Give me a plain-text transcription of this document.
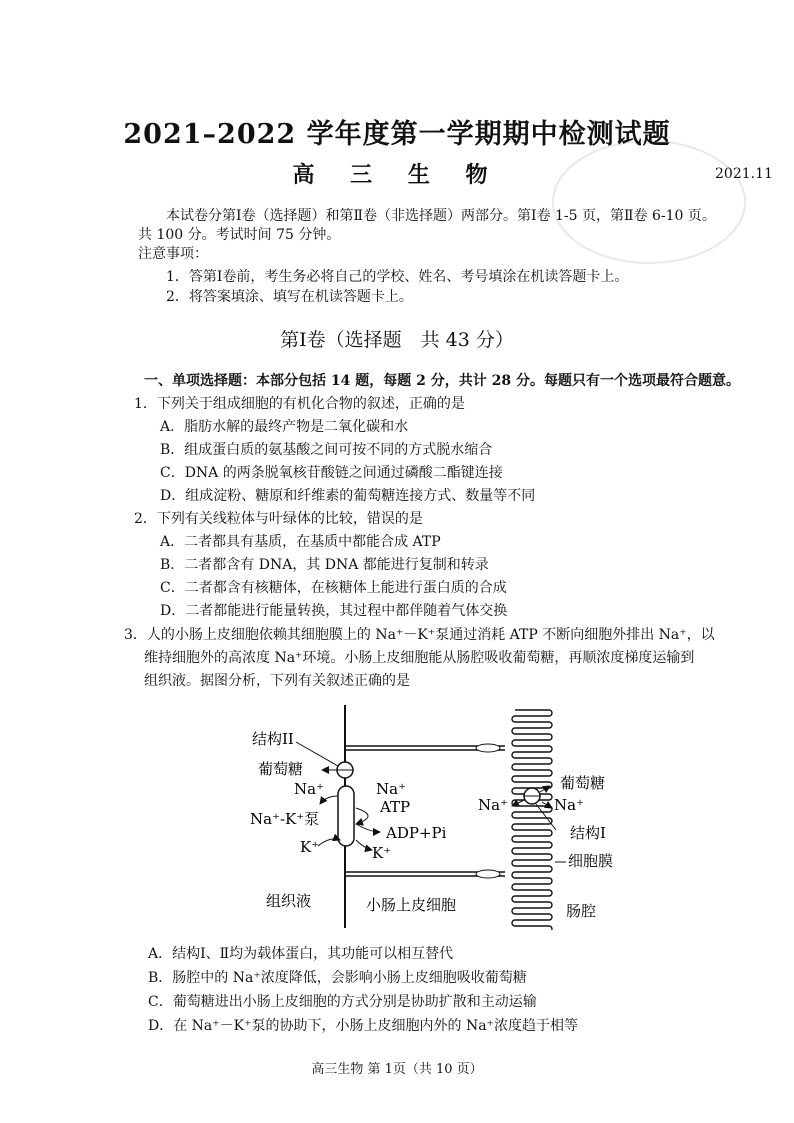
2021–2022 学年度第一学期期中检测试题
高 三 生 物	2021.11
本试卷分第Ⅰ卷（选择题）和第Ⅱ卷（非选择题）两部分。第Ⅰ卷 1-5 页，第Ⅱ卷 6-10 页。
共 100 分。考试时间 75 分钟。
注意事项：
1．答第Ⅰ卷前，考生务必将自己的学校、姓名、考号填涂在机读答题卡上。
2．将答案填涂、填写在机读答题卡上。
第Ⅰ卷（选择题　共 43 分）
一、单项选择题：本部分包括 14 题，每题 2 分，共计 28 分。每题只有一个选项最符合题意。
1．下列关于组成细胞的有机化合物的叙述，正确的是
A．脂肪水解的最终产物是二氧化碳和水
B．组成蛋白质的氨基酸之间可按不同的方式脱水缩合
C．DNA 的两条脱氧核苷酸链之间通过磷酸二酯键连接
D．组成淀粉、糖原和纤维素的葡萄糖连接方式、数量等不同
2．下列有关线粒体与叶绿体的比较，错误的是
A．二者都具有基质，在基质中都能合成 ATP
B．二者都含有 DNA，其 DNA 都能进行复制和转录
C．二者都含有核糖体，在核糖体上能进行蛋白质的合成
D．二者都能进行能量转换，其过程中都伴随着气体交换
3．人的小肠上皮细胞依赖其细胞膜上的 Na⁺－K⁺泵通过消耗 ATP 不断向细胞外排出 Na⁺，以
维持细胞外的高浓度 Na⁺环境。小肠上皮细胞能从肠腔吸收葡萄糖，再顺浓度梯度运输到
组织液。据图分析，下列有关叙述正确的是
结构II
葡萄糖
Na⁺	Na⁺
ATP
Na⁺-K⁺泵
ADP+Pi
K⁺	K⁺
葡萄糖
Na⁺	Na⁺
结构I
细胞膜
组织液	小肠上皮细胞	肠腔
A．结构Ⅰ、Ⅱ均为载体蛋白，其功能可以相互替代
B．肠腔中的 Na⁺浓度降低，会影响小肠上皮细胞吸收葡萄糖
C．葡萄糖进出小肠上皮细胞的方式分别是协助扩散和主动运输
D．在 Na⁺－K⁺泵的协助下，小肠上皮细胞内外的 Na⁺浓度趋于相等
高三生物 第 1页（共 10 页）
